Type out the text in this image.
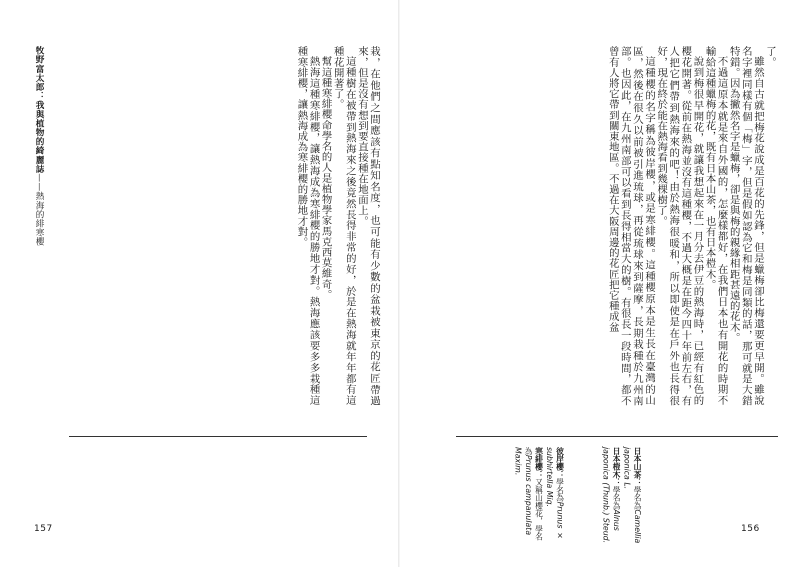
牧野富太郎：我與植物的綺麗誌——熱海的緋寒櫻	栽，在他們之間應該有點知名度，也可能有少數的盆栽被東京的花匠帶過來，但是沒有想到要直接種在地面上。

這種樹在被帶到熱海來之後竟然長得非常的好，於是在熱海就年年都有這種花開著了。

幫這種寒緋櫻命學名的人是植物學家馬克西莫維奇。

熱海這種寒緋櫻，讓熱海成為寒緋櫻的勝地才對。熱海應該要多多栽種這種寒緋櫻，讓熱海成為寒緋櫻的勝地才對。

157

了。

雖然自古就把梅花說成是百花的先鋒，但是蠟梅卻比梅還要更早開。雖說名字裡同樣有個「梅」字，但是假如認為它和梅是同類的話，那可就是大錯特錯。因為撇然名字是蠟梅，卻是與梅的親緣相距甚遠的花木。

不過這原本就是來自外國的，怎麼樣都好，在我們日本也有開花的時期不輸給這種蠟梅的花，既有日本山茶，也有日本榿木。

說到梅很早開花，就讓我想起來在一月分去伊豆的熱海時，已經有紅色的櫻花開著。從前在熱海並沒有這種櫻，不過大概是在距今四十年前左右，有人把它們帶到熱海來的吧！由於熱海很暖和，所以即使是在戶外也長得很好，現在終於能在熱海看到幾棵樹了。

這種櫻的名字稱為彼岸櫻，或是寒緋櫻。這種櫻原本是生長在臺灣的山區，然後在很久以前被引進琉球，再從琉球來到薩摩，長期栽種於九州南部。也因此，在九州南部可以看到長得相當大的樹。有很長一段時間，都不曾有人將它帶到關東地區。不過在大阪周邊的花匠把它種成盆

日本山茶：學名為Camellia japonica L.
日本榿木：學名為Alnus japonica (Thunb.) Steud.
彼岸櫻：學名為Prunus × subhirtella Miq.
寒緋櫻：又稱山櫻花，學名為Prunus campanulata Maxim.
156
